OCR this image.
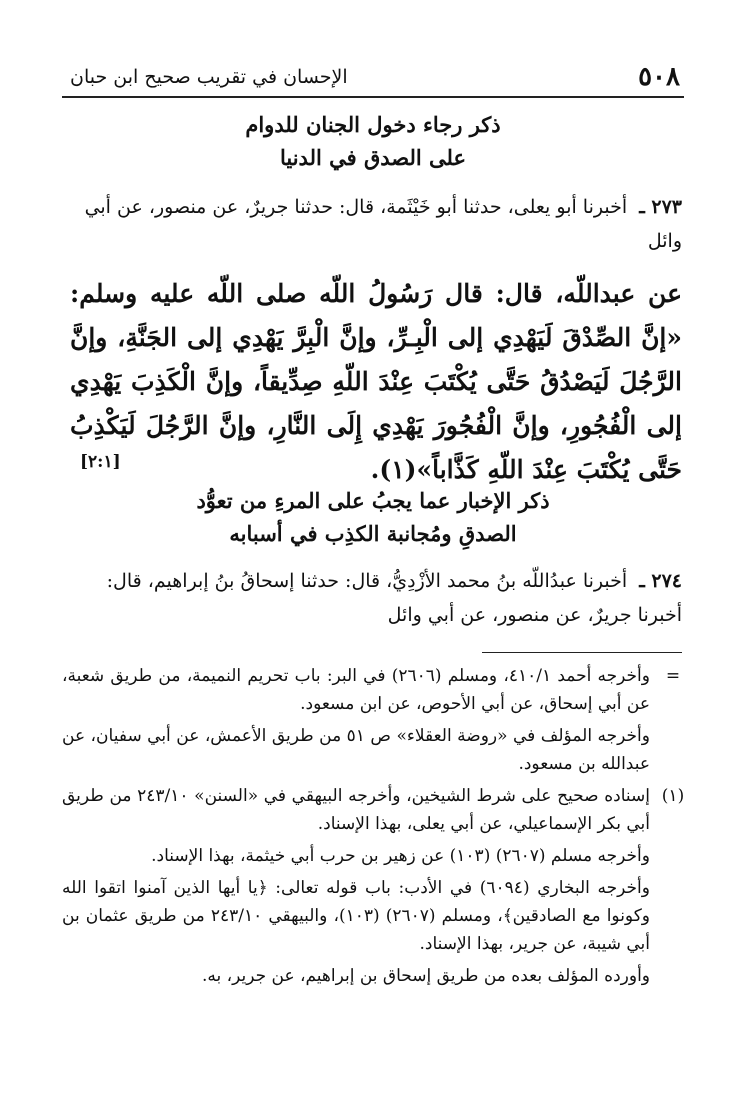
٥٠٨
الإحسان في تقريب صحيح ابن حبان
ذكر رجاء دخول الجنان للدوام
على الصدق في الدنيا
٢٧٣ ـ أخبرنا أبو يعلى، حدثنا أبو خَيْثَمة، قال: حدثنا جريرٌ، عن منصور، عن أبي وائل
عن عبداللّه، قال: قال رَسُولُ اللّه صلى اللّه عليه وسلم: «إنَّ الصِّدْقَ لَيَهْدِي إلى الْبِـرِّ، وإنَّ الْبِرَّ يَهْدِي إلى الجَنَّةِ، وإنَّ الرَّجُلَ لَيَصْدُقُ حَتَّى يُكْتَبَ عِنْدَ اللّهِ صِدِّيقاً، وإنَّ الْكَذِبَ يَهْدِي إلى الْفُجُورِ، وإنَّ الْفُجُورَ يَهْدِي إِلَى النَّارِ، وإنَّ الرَّجُلَ لَيَكْذِبُ حَتَّى يُكْتَبَ عِنْدَ اللّهِ كَذَّاباً»(١).
[٢:١]
ذكر الإخبار عما يجبُ على المرءِ من تعوُّد
الصدقِ ومُجانبة الكذِب في أسبابه
٢٧٤ ـ أخبرنا عبدُاللّه بنُ محمد الأزْدِيُّ، قال: حدثنا إسحاقُ بنُ إبراهيم، قال: أخبرنا جريرٌ، عن منصور، عن أبي وائل
=

وأخرجه أحمد ٤١٠/١، ومسلم (٢٦٠٦) في البر: باب تحريم النميمة، من طريق شعبة، عن أبي إسحاق، عن أبي الأحوص، عن ابن مسعود.

وأخرجه المؤلف في «روضة العقلاء» ص ٥١ من طريق الأعمش، عن أبي سفيان، عن عبدالله بن مسعود.

(١)

إسناده صحيح على شرط الشيخين، وأخرجه البيهقي في «السنن» ٢٤٣/١٠ من طريق أبي بكر الإسماعيلي، عن أبي يعلى، بهذا الإسناد.

وأخرجه مسلم (٢٦٠٧) (١٠٣) عن زهير بن حرب أبي خيثمة، بهذا الإسناد.

وأخرجه البخاري (٦٠٩٤) في الأدب: باب قوله تعالى: ﴿يا أيها الذين آمنوا اتقوا الله وكونوا مع الصادقين﴾، ومسلم (٢٦٠٧) (١٠٣)، والبيهقي ٢٤٣/١٠ من طريق عثمان بن أبي شيبة، عن جرير، بهذا الإسناد.

وأورده المؤلف بعده من طريق إسحاق بن إبراهيم، عن جرير، به.
